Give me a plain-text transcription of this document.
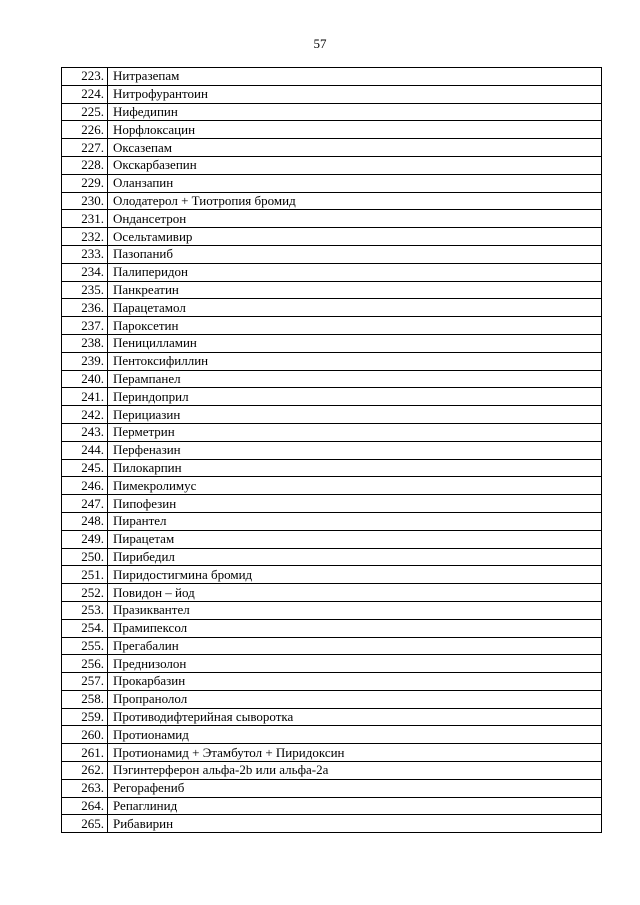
57
223.	Нитразепам
224.	Нитрофурантоин
225.	Нифедипин
226.	Норфлоксацин
227.	Оксазепам
228.	Окскарбазепин
229.	Оланзапин
230.	Олодатерол + Тиотропия бромид
231.	Ондансетрон
232.	Осельтамивир
233.	Пазопаниб
234.	Палиперидон
235.	Панкреатин
236.	Парацетамол
237.	Пароксетин
238.	Пеницилламин
239.	Пентоксифиллин
240.	Перампанел
241.	Периндоприл
242.	Перициазин
243.	Перметрин
244.	Перфеназин
245.	Пилокарпин
246.	Пимекролимус
247.	Пипофезин
248.	Пирантел
249.	Пирацетам
250.	Пирибедил
251.	Пиридостигмина бромид
252.	Повидон – йод
253.	Празиквантел
254.	Прамипексол
255.	Прегабалин
256.	Преднизолон
257.	Прокарбазин
258.	Пропранолол
259.	Противодифтерийная сыворотка
260.	Протионамид
261.	Протионамид + Этамбутол + Пиридоксин
262.	Пэгинтерферон альфа-2b или альфа-2a
263.	Регорафениб
264.	Репаглинид
265.	Рибавирин
